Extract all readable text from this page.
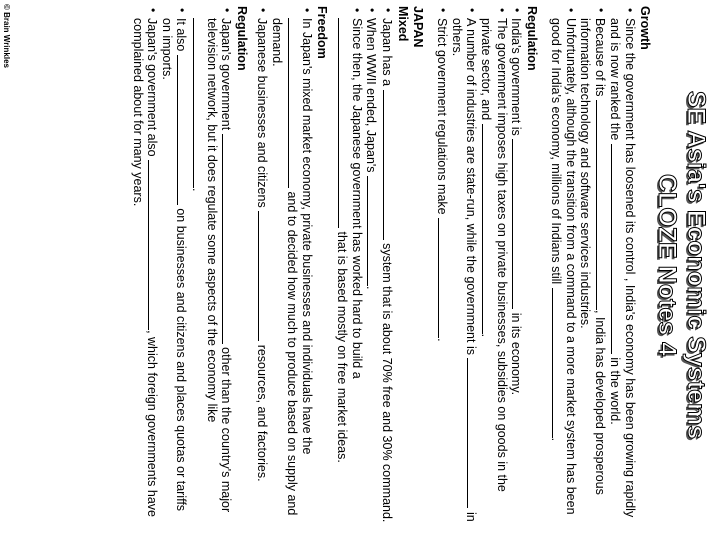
SE Asia's Economic Systems
CLOZE Notes 4
Growth
• Since the government has loosened its control , India's economy has been growing rapidly and is now ranked the  in the world.
• Because of its , India has developed prosperous information technology and software services industries.
• Unfortunately, although the transition from a command to a more market system has been good for India's economy, millions of Indians still .
Regulation
• India's government is  in its economy.
• The government imposes high taxes on private businesses, subsidies on goods in the private sector, and .
• A number of industries are state-run, while the government is  in others.
• Strict government regulations make .
JAPAN
Mixed
• Japan has a  system that is about 70% free and 30% command.
• When WWII ended, Japan's .
• Since then, the Japanese government has worked hard to build a  that is based mostly on free market ideas.
Freedom
• In Japan's mixed market economy, private businesses and individuals have the  and to decided how much to produce based on supply and demand.
• Japanese businesses and citizens  resources, and factories.
Regulation
• Japan's government  other than the country's major television network, but it does regulate some aspects of the economy like .
• It also  on businesses and citizens and places quotas or tariffs on imports.
• Japan's government also , which foreign governments have complained about for many years.
© Brain Wrinkles
